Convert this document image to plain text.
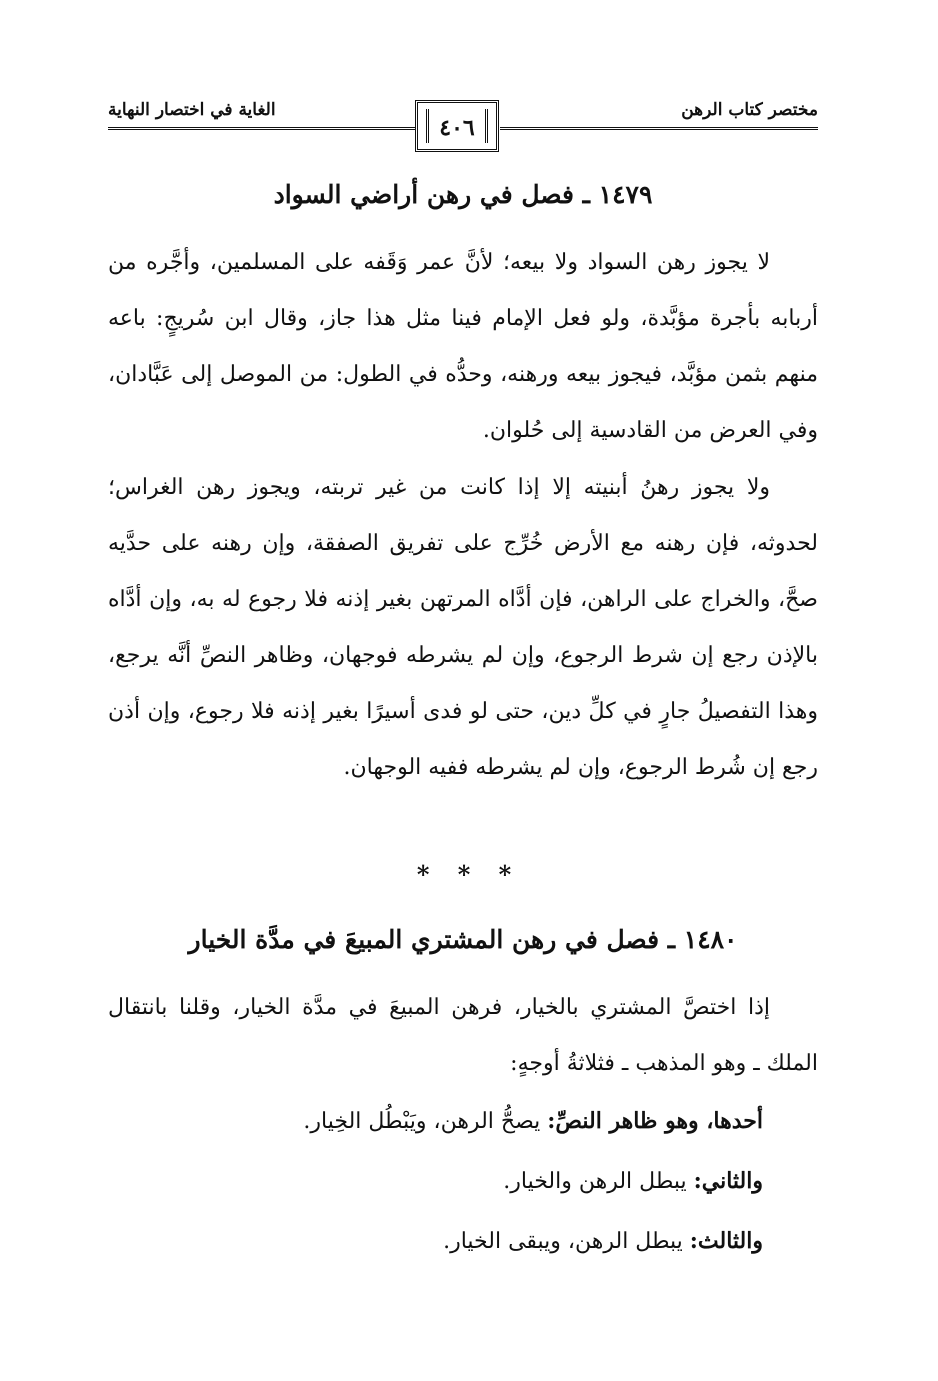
مختصر كتاب الرهن
الغاية في اختصار النهاية
٤٠٦
١٤٧٩ ـ فصل في رهن أراضي السواد

لا يجوز رهن السواد ولا بيعه؛ لأنَّ عمر وَقَفه على المسلمين، وأجَّره من أربابه بأجرة مؤبَّدة، ولو فعل الإمام فينا مثل هذا جاز، وقال ابن سُريجٍ: باعه منهم بثمن مؤبَّد، فيجوز بيعه ورهنه، وحدُّه في الطول: من الموصل إلى عَبَّادان، وفي العرض من القادسية إلى حُلوان.

ولا يجوز رهنُ أبنيته إلا إذا كانت من غير تربته، ويجوز رهن الغراس؛ لحدوثه، فإن رهنه مع الأرض خُرِّج على تفريق الصفقة، وإن رهنه على حدَّيه صحَّ، والخراج على الراهن، فإن أدَّاه المرتهن بغير إذنه فلا رجوع له به، وإن أدَّاه بالإذن رجع إن شرط الرجوع، وإن لم يشرطه فوجهان، وظاهر النصِّ أنَّه يرجع، وهذا التفصيلُ جارٍ في كلِّ دين، حتى لو فدى أسيرًا بغير إذنه فلا رجوع، وإن أذن رجع إن شُرط الرجوع، وإن لم يشرطه ففيه الوجهان.

* * *
١٤٨٠ ـ فصل في رهن المشتري المبيعَ في مدَّة الخيار

إذا اختصَّ المشتري بالخيار، فرهن المبيعَ في مدَّة الخيار، وقلنا بانتقال الملك ـ وهو المذهب ـ فثلاثةُ أوجهٍ:

أحدها، وهو ظاهر النصِّ: يصحُّ الرهن، ويَبْطُل الخِيار.
والثاني: يبطل الرهن والخيار.
والثالث: يبطل الرهن، ويبقى الخيار.
